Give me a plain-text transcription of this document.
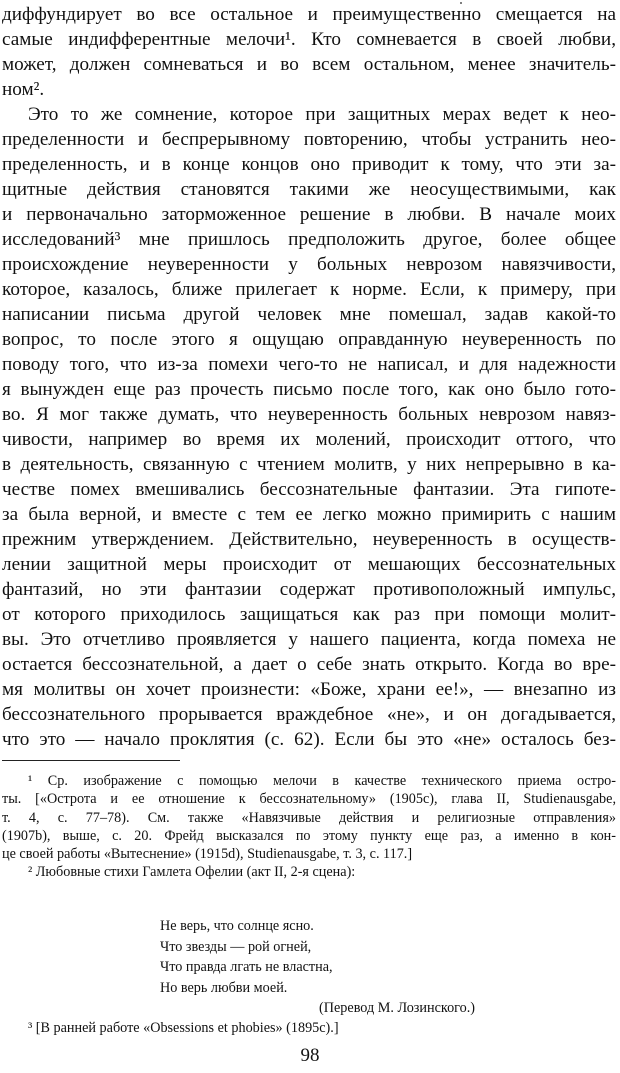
диффундирует во все остальное и преимущественно смещается на
самые индифферентные мелочи¹. Кто сомневается в своей любви,
может, должен сомневаться и во всем остальном, менее значитель-
ном².
Это то же сомнение, которое при защитных мерах ведет к нео-
пределенности и беспрерывному повторению, чтобы устранить нео-
пределенность, и в конце концов оно приводит к тому, что эти за-
щитные действия становятся такими же неосуществимыми, как
и первоначально заторможенное решение в любви. В начале моих
исследований³ мне пришлось предположить другое, более общее
происхождение неуверенности у больных неврозом навязчивости,
которое, казалось, ближе прилегает к норме. Если, к примеру, при
написании письма другой человек мне помешал, задав какой-то
вопрос, то после этого я ощущаю оправданную неуверенность по
поводу того, что из-за помехи чего-то не написал, и для надежности
я вынужден еще раз прочесть письмо после того, как оно было гото-
во. Я мог также думать, что неуверенность больных неврозом навяз-
чивости, например во время их молений, происходит оттого, что
в деятельность, связанную с чтением молитв, у них непрерывно в ка-
честве помех вмешивались бессознательные фантазии. Эта гипоте-
за была верной, и вместе с тем ее легко можно примирить с нашим
прежним утверждением. Действительно, неуверенность в осуществ-
лении защитной меры происходит от мешающих бессознательных
фантазий, но эти фантазии содержат противоположный импульс,
от которого приходилось защищаться как раз при помощи молит-
вы. Это отчетливо проявляется у нашего пациента, когда помеха не
остается бессознательной, а дает о себе знать открыто. Когда во вре-
мя молитвы он хочет произнести: «Боже, храни ее!», — внезапно из
бессознательного прорывается враждебное «не», и он догадывается,
что это — начало проклятия (с. 62). Если бы это «не» осталось без-
¹ Ср. изображение с помощью мелочи в качестве технического приема остро-
ты. [«Острота и ее отношение к бессознательному» (1905c), глава II, Studienausgabe,
т. 4, с. 77–78). См. также «Навязчивые действия и религиозные отправления»
(1907b), выше, с. 20. Фрейд высказался по этому пункту еще раз, а именно в кон-
це своей работы «Вытеснение» (1915d), Studienausgabe, т. 3, с. 117.]
² Любовные стихи Гамлета Офелии (акт II, 2-я сцена):
Не верь, что солнце ясно.
Что звезды — рой огней,
Что правда лгать не властна,
Но верь любви моей.
(Перевод М. Лозинского.)
³ [В ранней работе «Obsessions et phobies» (1895c).]
98
